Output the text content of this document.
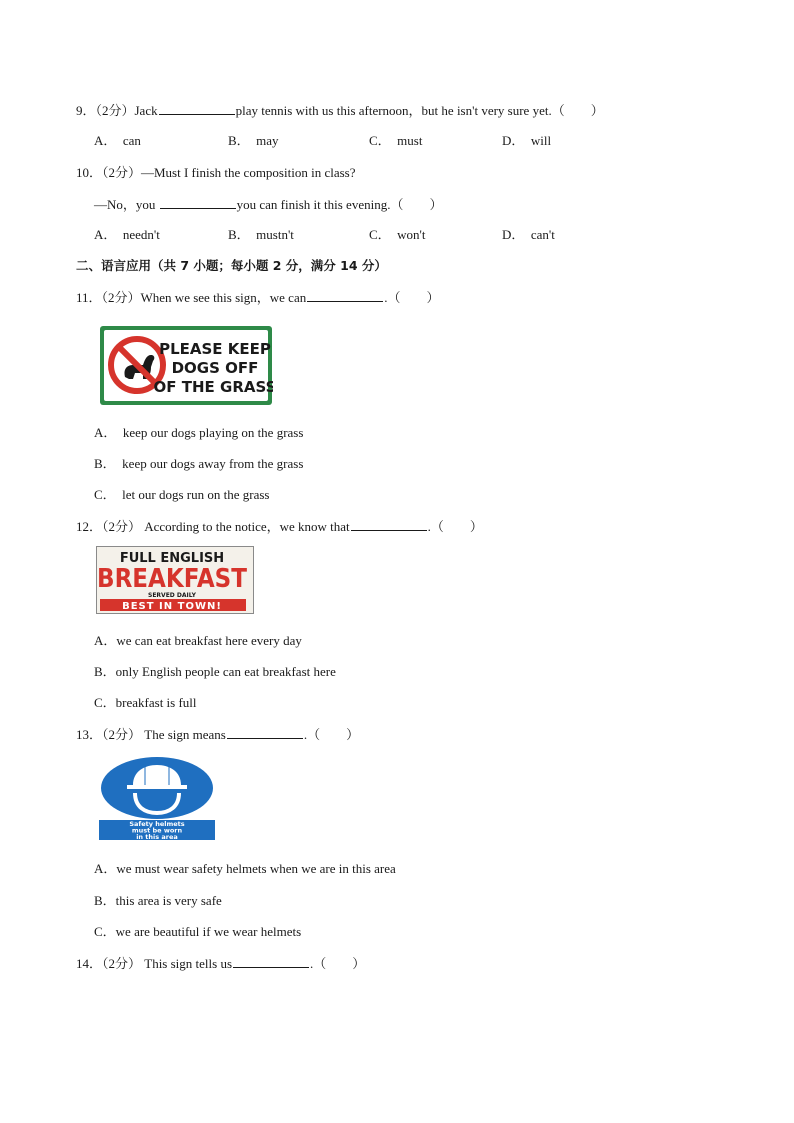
9．（2分）Jack	play tennis with us this afternoon，but he isn't very sure yet.（　　）
A． can	B． may	C． must	D． will
10．（2分）—Must I finish the composition in class?
—No，you	you can finish it this evening.（　　）
A． needn't	B． mustn't	C． won't	D． can't
二、语言应用（共 7 小题；每小题 2 分，满分 14 分）
11．（2分）When we see this sign，we can	.（　　）
PLEASE KEEP
DOGS OFF
OF THE GRASS
A． keep our dogs playing on the grass
B． keep our dogs away from the grass
C． let our dogs run on the grass
12．（2分） According to the notice，we know that	.（　　）
FULL ENGLISH
BREAKFAST
SERVED DAILY
BEST IN TOWN!
A．we can eat breakfast here every day
B．only English people can eat breakfast here
C．breakfast is full
13．（2分） The sign means	.（　　）
Safety helmets
must be worn
in this area
A．we must wear safety helmets when we are in this area
B．this area is very safe
C．we are beautiful if we wear helmets
14．（2分） This sign tells us	.（　　）
